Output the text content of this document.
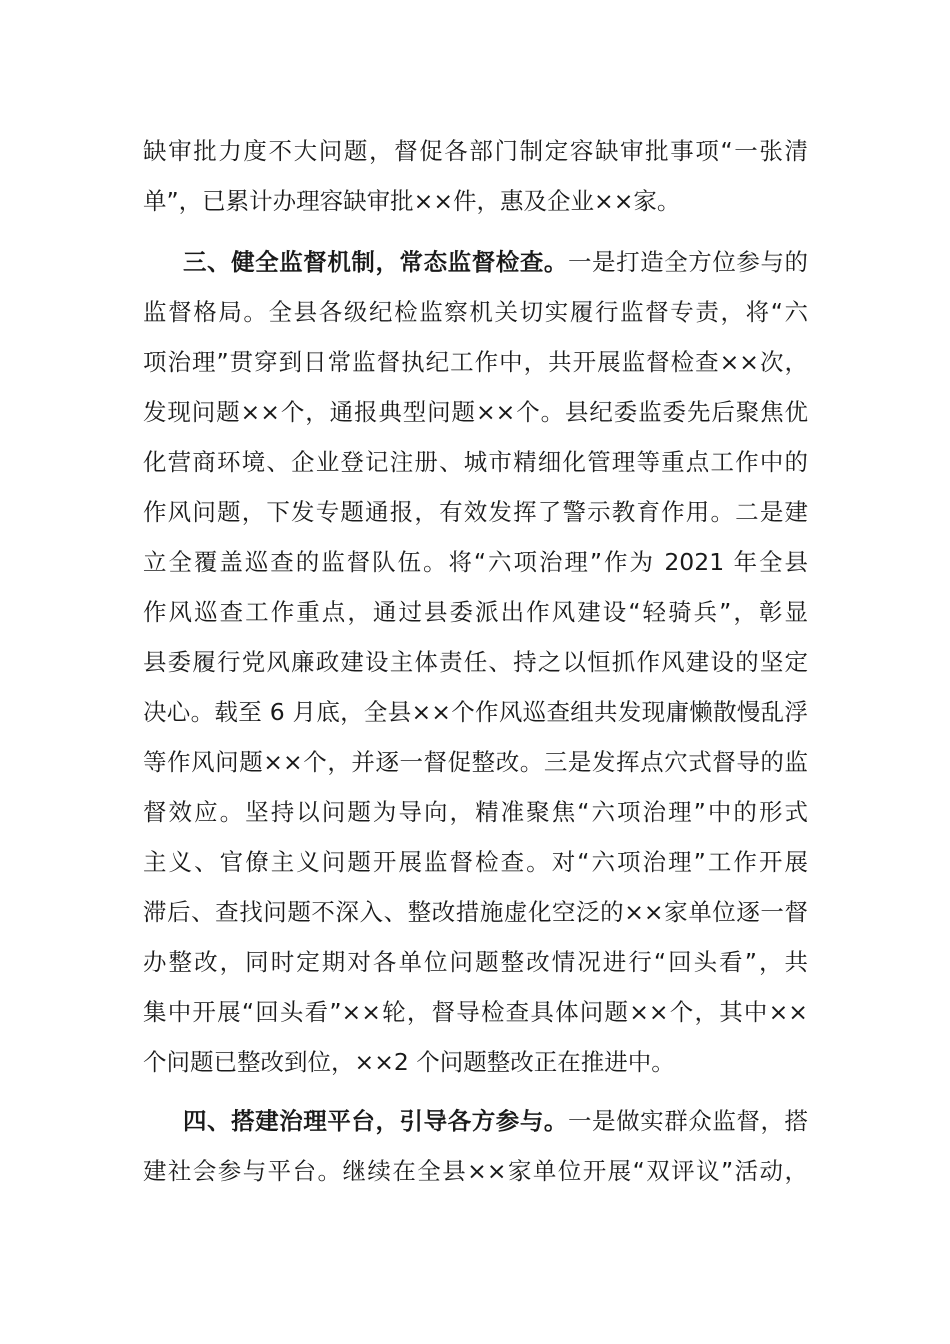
缺审批力度不大问题，督促各部门制定容缺审批事项“一张清
单”，已累计办理容缺审批××件，惠及企业××家。
三、健全监督机制，常态监督检查。一是打造全方位参与的
监督格局。全县各级纪检监察机关切实履行监督专责，将“六
项治理”贯穿到日常监督执纪工作中，共开展监督检查××次，
发现问题××个，通报典型问题××个。县纪委监委先后聚焦优
化营商环境、企业登记注册、城市精细化管理等重点工作中的
作风问题，下发专题通报，有效发挥了警示教育作用。二是建
立全覆盖巡查的监督队伍。将“六项治理”作为 2021 年全县
作风巡查工作重点，通过县委派出作风建设“轻骑兵”，彰显
县委履行党风廉政建设主体责任、持之以恒抓作风建设的坚定
决心。载至 6 月底，全县××个作风巡查组共发现庸懒散慢乱浮
等作风问题××个，并逐一督促整改。三是发挥点穴式督导的监
督效应。坚持以问题为导向，精准聚焦“六项治理”中的形式
主义、官僚主义问题开展监督检查。对“六项治理”工作开展
滞后、查找问题不深入、整改措施虚化空泛的××家单位逐一督
办整改，同时定期对各单位问题整改情况进行“回头看”，共
集中开展“回头看”××轮，督导检查具体问题××个，其中××
个问题已整改到位，××2 个问题整改正在推进中。
四、搭建治理平台，引导各方参与。一是做实群众监督，搭
建社会参与平台。继续在全县××家单位开展“双评议”活动，
